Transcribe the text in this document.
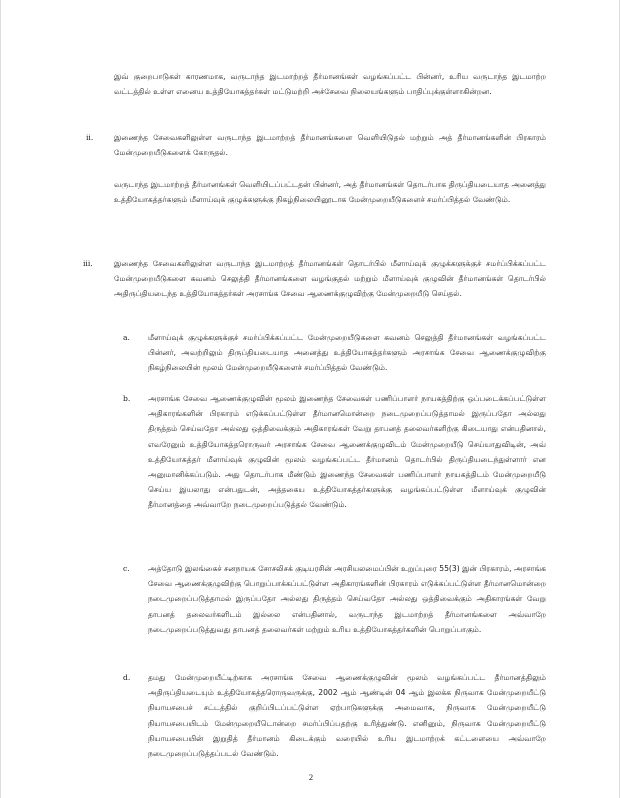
இவ் குறைபாடுகள் காரணமாக, வருடாந்த இடமாற்றத் தீர்மானங்கள் வழங்கப்பட்ட பின்னர், உரிய வருடாந்த இடமாற்ற வட்டத்தில் உள்ள எனைய உத்தியோகத்தர்கள் மட்டுமற்றி அச்சேவை நிலையங்களும் பாதிப்புக்குள்ளாகின்றன.

ii.	இணைந்த சேவைகளிலுள்ள வருடாந்த இடமாற்றத் தீர்மானங்களை வெளியிடுதல் மற்றும் அத் தீர்மானங்களின் பிரகாரம் மேன்முறையீடுகளைக் கோருதல்.

வருடாந்த இடமாற்றத் தீர்மானங்கள் வெளியிடப்பட்டதன் பின்னர், அத் தீர்மானங்கள் தொடர்பாக திருப்தியடையாத அனைத்து உத்தியோகத்தர்களும் மீளாய்வுக் குழுக்களுக்கு நிகழ்நிலையினூடாக மேன்முறையீடுகளைச் சமர்ப்பித்தல் வேண்டும்.

iii.	இணைந்த சேவைகளிலுள்ள வருடாந்த இடமாற்றத் தீர்மானங்கள் தொடர்பில் மீளாய்வுக் குழுக்களுக்குச் சமர்ப்பிக்கப்பட்ட மேன்முறையீடுகளை கவனம் செலுத்தி தீர்மானங்களை வழங்குதல் மற்றும் மீளாய்வுக் குழுவின் தீர்மானங்கள் தொடர்பில் அதிருப்தியடைந்த உத்தியோகத்தர்கள் அரசாங்க சேவை ஆணைக்குழுவிற்கு மேன்முறையீடு செய்தல்.

a. மீளாய்வுக் குழுக்களுக்குச் சமர்ப்பிக்கப்பட்ட மேன்முறையீடுகளை கவனம் செலுத்தி தீர்மானங்கள் வழங்கப்பட்ட பின்னர், அவற்றிலும் திருப்தியடையாத அனைத்து உத்தியோகத்தர்களும் அரசாங்க சேவை ஆணைக்குழுவிற்கு நிகழ்நிலையின் மூலம் மேன்முறையீடுகளைச் சமர்ப்பித்தல் வேண்டும்.

b. அரசாங்க சேவை ஆணைக்குழுவின் மூலம் இணைந்த சேவைகள் பணிப்பாளர் நாயகத்திற்கு ஒப்படைக்கப்பட்டுள்ள அதிகாரங்களின் பிரகாரம் எடுக்கப்பட்டுள்ள தீர்மானமொன்றை நடைமுறைப்படுத்தாமல் இருப்பதோ அல்லது திருத்தம் செய்வதோ அல்லது ஒத்திவைக்கும் அதிகாரங்கள் வேறு தாபனத் தலைவர்களிற்கு கிடையாது என்பதினால், எவரேனும் உத்தியோகத்தரொருவர் அரசாங்க சேவை ஆணைக்குழுவிடம் மேன்முறையீடு செய்யாதுவிடின், அவ் உத்தியோகத்தர் மீளாய்வுக் குழுவின் மூலம் வழங்கப்பட்ட தீர்மானம் தொடர்பில் திருப்தியடைந்துள்ளார் என அனுமானிக்கப்படும். அது தொடர்பாக மீண்டும் இணைந்த சேவைகள் பணிப்பாளர் நாயகத்திடம் மேன்முறையீடு செய்ய இயலாது என்பதுடன், அத்தகைய உத்தியோகத்தர்களுக்கு வழங்கப்பட்டுள்ள மீளாய்வுக் குழுவின் தீர்மானத்தை அவ்வாறே நடைமுறைப்படுத்தல் வேண்டும்.

c. அத்தோடு இலங்கைச் சனநாயக சோசலிசக் குடியரசின் அரசியலமைப்பின் உறுப்புரை 55(3) இன் பிரகாரம், அரசாங்க சேவை ஆணைக்குழுவிற்கு பொறுப்பாக்கப்பட்டுள்ள அதிகாரங்களின் பிரகாரம் எடுக்கப்பட்டுள்ள தீர்மானமொன்றை நடைமுறைப்படுத்தாமல் இருப்பதோ அல்லது திருத்தம் செய்வதோ அல்லது ஒத்திவைக்கும் அதிகாரங்கள் வேறு தாபனத் தலைவர்களிடம் இல்லை என்பதினால், வருடாந்த இடமாற்றத் தீர்மானங்களை அவ்வாறே நடைமுறைப்படுத்துவது தாபனத் தலைவர்கள் மற்றும் உரிய உத்தியோகத்தர்களின் பொறுப்பாகும்.

d. தமது மேன்முறையீட்டிற்காக அரசாங்க சேவை ஆணைக்குழுவின் மூலம் வழங்கப்பட்ட தீர்மானத்திலும் அதிருப்தியடையும் உத்தியோகத்தரொருவருக்கு, 2002 ஆம் ஆண்டின் 04 ஆம் இலக்க நிருவாக மேன்முறையீட்டு நியாயசபைச் சட்டத்தில் குறிப்பிடப்பட்டுள்ள ஏற்பாடுகளுக்கு அமைவாக, நிருவாக மேன்முறையீட்டு நியாயசபையிடம் மேன்முறையீடொன்றை சமர்ப்பிப்பதற்கு உரித்துண்டு. எனினும், நிருவாக மேன்முறையீட்டு நியாயசபையின் இறுதித் தீர்மானம் கிடைக்கும் வரையில் உரிய இடமாற்றக் கட்டளையை அவ்வாறே நடைமுறைப்படுத்தப்படல் வேண்டும்.

2
